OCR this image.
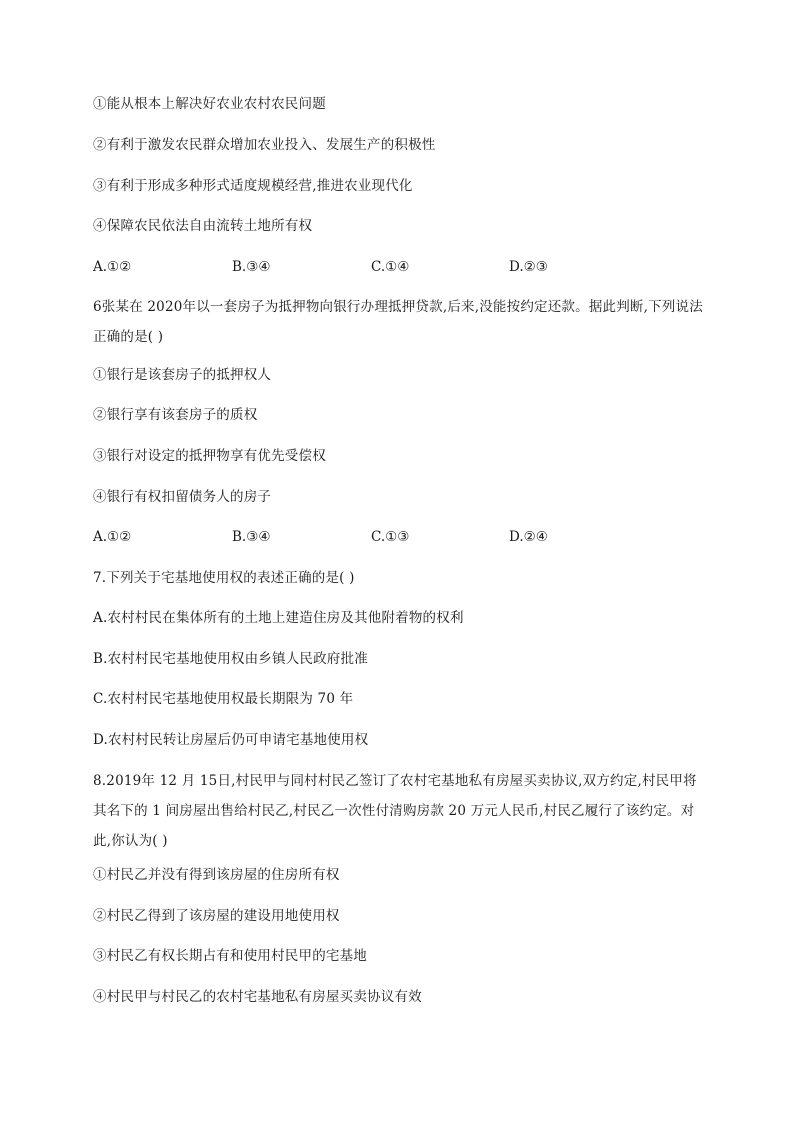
①能从根本上解决好农业农村农民问题
②有利于激发农民群众增加农业投入、发展生产的积极性
③有利于形成多种形式适度规模经营,推进农业现代化
④保障农民依法自由流转土地所有权
A.①②	B.③④	C.①④	D.②③
6张某在 2020年以一套房子为抵押物向银行办理抵押贷款,后来,没能按约定还款。据此判断,下列说法正确的是( )
①银行是该套房子的抵押权人
②银行享有该套房子的质权
③银行对设定的抵押物享有优先受偿权
④银行有权扣留债务人的房子
A.①②	B.③④	C.①③	D.②④
7.下列关于宅基地使用权的表述正确的是( )
A.农村村民在集体所有的土地上建造住房及其他附着物的权利
B.农村村民宅基地使用权由乡镇人民政府批准
C.农村村民宅基地使用权最长期限为 70 年
D.农村村民转让房屋后仍可申请宅基地使用权
8.2019年 12 月 15日,村民甲与同村村民乙签订了农村宅基地私有房屋买卖协议,双方约定,村民甲将其名下的 1 间房屋出售给村民乙,村民乙一次性付清购房款 20 万元人民币,村民乙履行了该约定。对此,你认为( )
①村民乙并没有得到该房屋的住房所有权
②村民乙得到了该房屋的建设用地使用权
③村民乙有权长期占有和使用村民甲的宅基地
④村民甲与村民乙的农村宅基地私有房屋买卖协议有效
